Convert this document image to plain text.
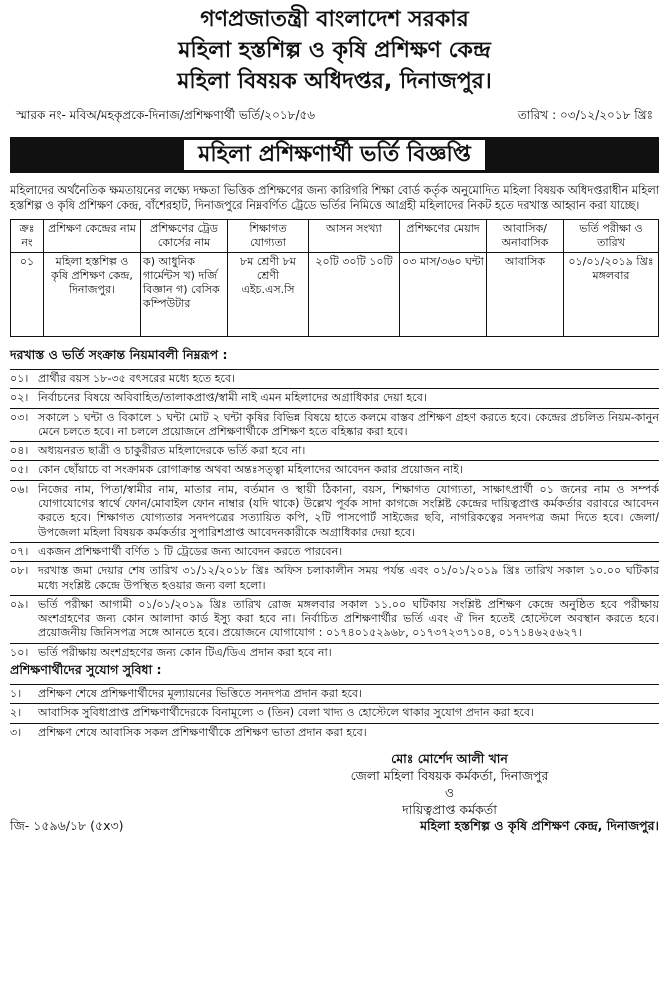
গণপ্রজাতন্ত্রী বাংলাদেশ সরকার
মহিলা হস্তশিল্প ও কৃষি প্রশিক্ষণ কেন্দ্র
মহিলা বিষয়ক অধিদপ্তর, দিনাজপুর।
স্মারক নং- মবিঅ/মহকৃপ্রকে-দিনাজ/প্রশিক্ষণার্থী ভর্তি/২০১৮/৫৬	তারিখ : ০৩/১২/২০১৮ খ্রিঃ
মহিলা প্রশিক্ষণার্থী ভর্তি বিজ্ঞপ্তি
মহিলাদের অর্থনৈতিক ক্ষমতায়নের লক্ষ্যে দক্ষতা ভিত্তিক প্রশিক্ষণের জন্য কারিগরি শিক্ষা বোর্ড কর্তৃক অনুমোদিত মহিলা বিষয়ক অধিদপ্তরাধীন মহিলা হস্তশিল্প ও কৃষি প্রশিক্ষণ কেন্দ্র, বাঁশেরহাট, দিনাজপুরে নিম্নবর্ণিত ট্রেডে ভর্তির নিমিত্তে আগ্রহী মহিলাদের নিকট হতে দরখাস্ত আহ্বান করা যাচ্ছে।
ক্রঃ নং	প্রশিক্ষণ কেন্দ্রের নাম	প্রশিক্ষণের ট্রেড কোর্সের নাম	শিক্ষাগত যোগ্যতা	আসন সংখ্যা	প্রশিক্ষণের মেয়াদ	আবাসিক/ অনাবাসিক	ভর্তি পরীক্ষা ও তারিখ
০১	মহিলা হস্তশিল্প ও কৃষি প্রশিক্ষণ কেন্দ্র, দিনাজপুর।	ক) আধুনিক গার্মেন্টস খ) দর্জি বিজ্ঞান গ) বেসিক কম্পিউটার	৮ম শ্রেণী ৮ম শ্রেণী এইচ.এস.সি	২০টি ৩০টি ১০টি	০৩ মাস/৩৬০ ঘন্টা	আবাসিক	০১/০১/২০১৯ খ্রিঃ মঙ্গলবার
দরখাস্ত ও ভর্তি সংক্রান্ত নিয়মাবলী নিম্নরূপ :
০১। প্রার্থীর বয়স ১৮-৩৫ বৎসরের মধ্যে হতে হবে।
০২। নির্বাচনের বিষয়ে অবিবাহিত/তালাকপ্রাপ্ত/স্বামী নাই এমন মহিলাদের অগ্রাধিকার দেয়া হবে।
০৩। সকালে ১ ঘন্টা ও বিকালে ১ ঘন্টা মোট ২ ঘন্টা কৃষির বিভিন্ন বিষয়ে হাতে কলমে বাস্তব প্রশিক্ষণ গ্রহণ করতে হবে। কেন্দ্রের প্রচলিত নিয়ম-কানুন মেনে চলতে হবে। না চললে প্রয়োজনে প্রশিক্ষণার্থীকে প্রশিক্ষণ হতে বহিষ্কার করা হবে।
০৪। অধ্যয়নরত ছাত্রী ও চাকুরীরত মহিলাদেরকে ভর্তি করা হবে না।
০৫। কোন ছোঁয়াচে বা সংক্রামক রোগাক্রান্ত অথবা অন্তঃসত্ত্বা মহিলাদের আবেদন করার প্রয়োজন নাই।
০৬। নিজের নাম, পিতা/স্বামীর নাম, মাতার নাম, বর্তমান ও স্থায়ী ঠিকানা, বয়স, শিক্ষাগত যোগ্যতা, সাক্ষাৎপ্রার্থী ০১ জনের নাম ও সম্পর্ক যোগাযোগের স্বার্থে ফোন/মোবাইল ফোন নাম্বার (যদি থাকে) উল্লেখ পূর্বক সাদা কাগজে সংশ্লিষ্ট কেন্দ্রের দায়িত্বপ্রাপ্ত কর্মকর্তার বরাবরে আবেদন করতে হবে। শিক্ষাগত যোগ্যতার সনদপত্রের সত্যায়িত কপি, ২টি পাসপোর্ট সাইজের ছবি, নাগরিকত্বের সনদপত্র জমা দিতে হবে। জেলা/উপজেলা মহিলা বিষয়ক কর্মকর্তার সুপারিশপ্রাপ্ত আবেদনকারীকে অগ্রাধিকার দেয়া হবে।
০৭। একজন প্রশিক্ষণার্থী বর্ণিত ১ টি ট্রেডের জন্য আবেদন করতে পারবেন।
০৮। দরখাস্ত জমা দেয়ার শেষ তারিখ ৩১/১২/২০১৮ খ্রিঃ অফিস চলাকালীন সময় পর্যন্ত এবং ০১/০১/২০১৯ খ্রিঃ তারিখ সকাল ১০.০০ ঘটিকার মধ্যে সংশ্লিষ্ট কেন্দ্রে উপস্থিত হওয়ার জন্য বলা হলো।
০৯। ভর্তি পরীক্ষা আগামী ০১/০১/২০১৯ খ্রিঃ তারিখ রোজ মঙ্গলবার সকাল ১১.০০ ঘটিকায় সংশ্লিষ্ট প্রশিক্ষণ কেন্দ্রে অনুষ্ঠিত হবে পরীক্ষায় অংশগ্রহণের জন্য কোন আলাদা কার্ড ইস্যু করা হবে না। নির্বাচিত প্রশিক্ষণার্থীর ভর্তি এবং ঐ দিন হতেই হোস্টেলে অবস্থান করতে হবে। প্রয়োজনীয় জিনিসপত্র সঙ্গে আনতে হবে। প্রয়োজনে যোগাযোগ : ০১৭৪০১৫২৯৬৮, ০১৭৩৭২৩৭১০৪, ০১৭১৪৬২৫৬২৭।
১০। ভর্তি পরীক্ষায় অংশগ্রহণের জন্য কোন টিএ/ডিএ প্রদান করা হবে না।
প্রশিক্ষণার্থীদের সুযোগ সুবিধা :
১।	প্রশিক্ষণ শেষে প্রশিক্ষণার্থীদের মূল্যায়নের ভিত্তিতে সনদপত্র প্রদান করা হবে।
২।	আবাসিক সুবিধাপ্রাপ্ত প্রশিক্ষণার্থীদেরকে বিনামূল্যে ৩ (তিন) বেলা খাদ্য ও হোস্টেলে থাকার সুযোগ প্রদান করা হবে।
৩।	প্রশিক্ষণ শেষে আবাসিক সকল প্রশিক্ষণার্থীকে প্রশিক্ষণ ভাতা প্রদান করা হবে।
মোঃ মোর্শেদ আলী খান
জেলা মহিলা বিষয়ক কর্মকর্তা, দিনাজপুর
ও
দায়িত্বপ্রাপ্ত কর্মকর্তা
জি- ১৫৯৬/১৮ (৫x৩)	মহিলা হস্তশিল্প ও কৃষি প্রশিক্ষণ কেন্দ্র, দিনাজপুর।
